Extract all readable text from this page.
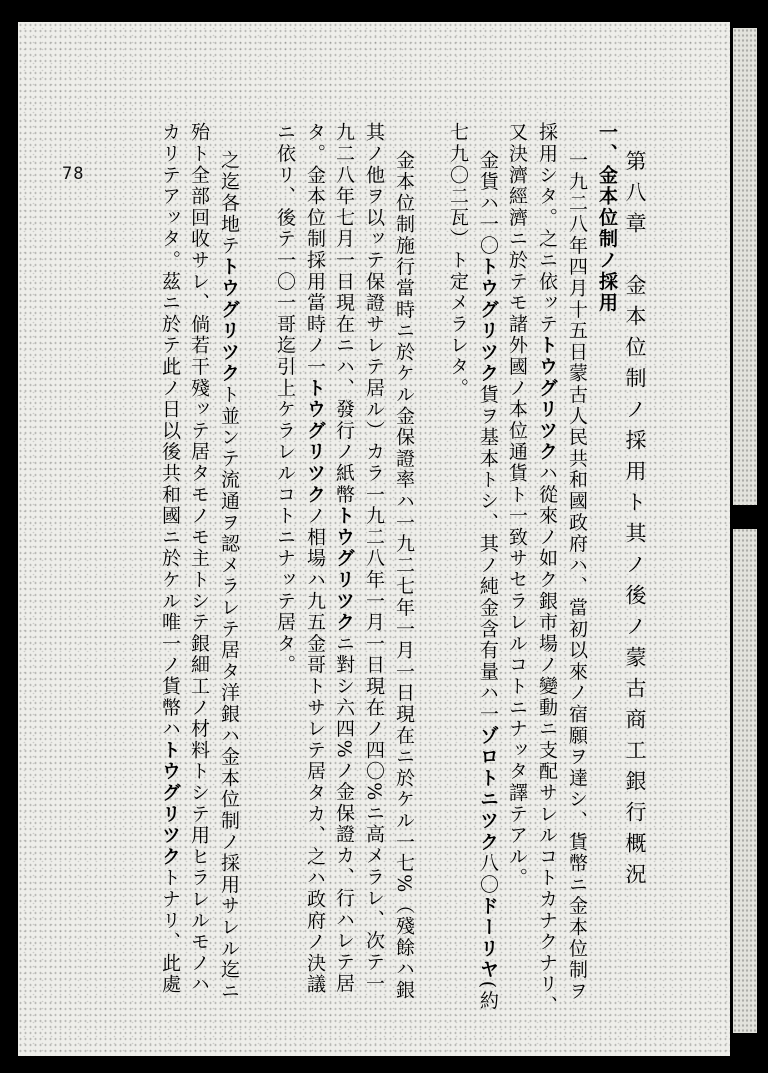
78	第八章　金本位制ノ採用ト其ノ後ノ蒙古商工銀行概況
一、金本位制ノ採用
一九二八年四月十五日蒙古人民共和國政府ハ、當初以來ノ宿願ヲ達シ、貨幣ニ金本位制ヲ
採用シタ。之ニ依ッテトウグリツクハ從來ノ如ク銀市場ノ變動ニ支配サレルコトカナクナリ、
又決濟經濟ニ於テモ諸外國ノ本位通貨ト一致サセラレルコトニナッタ譯テアル。
金貨ハ一〇トウグリツク貨ヲ基本トシ、其ノ純金含有量ハ一ゾロトニツク八〇ドーリヤ(約
七九〇二瓦）ト定メラレタ。
金本位制施行當時ニ於ケル金保證率ハ一九二七年一月一日現在ニ於ケル一七%（殘餘ハ銀
其ノ他ヲ以ッテ保證サレテ居ル）カラ一九二八年一月一日現在ノ四〇%ニ高メラレ、次テ一
九二八年七月一日現在ニハ、發行ノ紙幣トウグリツクニ對シ六四%ノ金保證カ、行ハレテ居
タ。金本位制採用當時ノ一トウグリツクノ相場ハ九五金哥トサレテ居タカ、之ハ政府ノ決議
ニ依リ、後テ一〇一哥迄引上ケラレルコトニナッテ居タ。
之迄各地テトウグリツクト並ンテ流通ヲ認メラレテ居タ洋銀ハ金本位制ノ採用サレル迄ニ
殆ト全部回收サレ、倘若干殘ッテ居タモノモ主トシテ銀細工ノ材料トシテ用ヒラレルモノハ
カリテアッタ。茲ニ於テ此ノ日以後共和國ニ於ケル唯一ノ貨幣ハトウグリツクトナリ、此處
